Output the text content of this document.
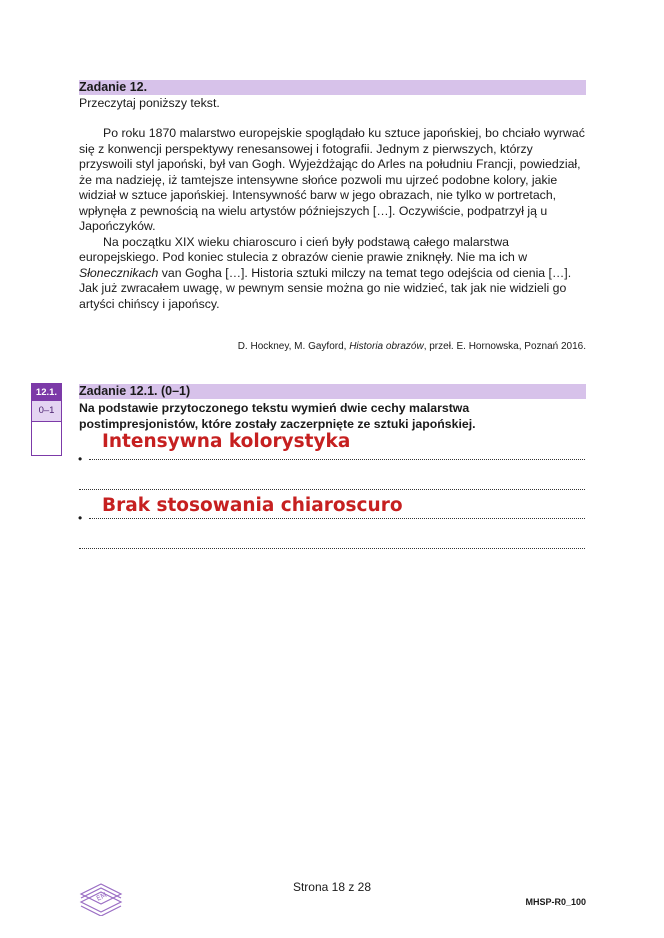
Zadanie 12.
Przeczytaj poniższy tekst.

Po roku 1870 malarstwo europejskie spoglądało ku sztuce japońskiej, bo chciało wyrwać się z konwencji perspektywy renesansowej i fotografii. Jednym z pierwszych, którzy przyswoili styl japoński, był van Gogh. Wyjeżdżając do Arles na południu Francji, powiedział, że ma nadzieję, iż tamtejsze intensywne słońce pozwoli mu ujrzeć podobne kolory, jakie widział w sztuce japońskiej. Intensywność barw w jego obrazach, nie tylko w portretach, wpłynęła z pewnością na wielu artystów późniejszych […]. Oczywiście, podpatrzył ją u Japończyków.

Na początku XIX wieku chiaroscuro i cień były podstawą całego malarstwa europejskiego. Pod koniec stulecia z obrazów cienie prawie zniknęły. Nie ma ich w Słonecznikach van Gogha […]. Historia sztuki milczy na temat tego odejścia od cienia […]. Jak już zwracałem uwagę, w pewnym sensie można go nie widzieć, tak jak nie widzieli go artyści chińscy i japońscy.

D. Hockney, M. Gayford, Historia obrazów, przeł. E. Hornowska, Poznań 2016.
12.1.
0–1
Zadanie 12.1. (0–1)
Na podstawie przytoczonego tekstu wymień dwie cechy malarstwa postimpresjonistów, które zostały zaczerpnięte ze sztuki japońskiej.
Intensywna kolorystyka
•
Brak stosowania chiaroscuro
•
EM
Strona 18 z 28
MHSP-R0_100
